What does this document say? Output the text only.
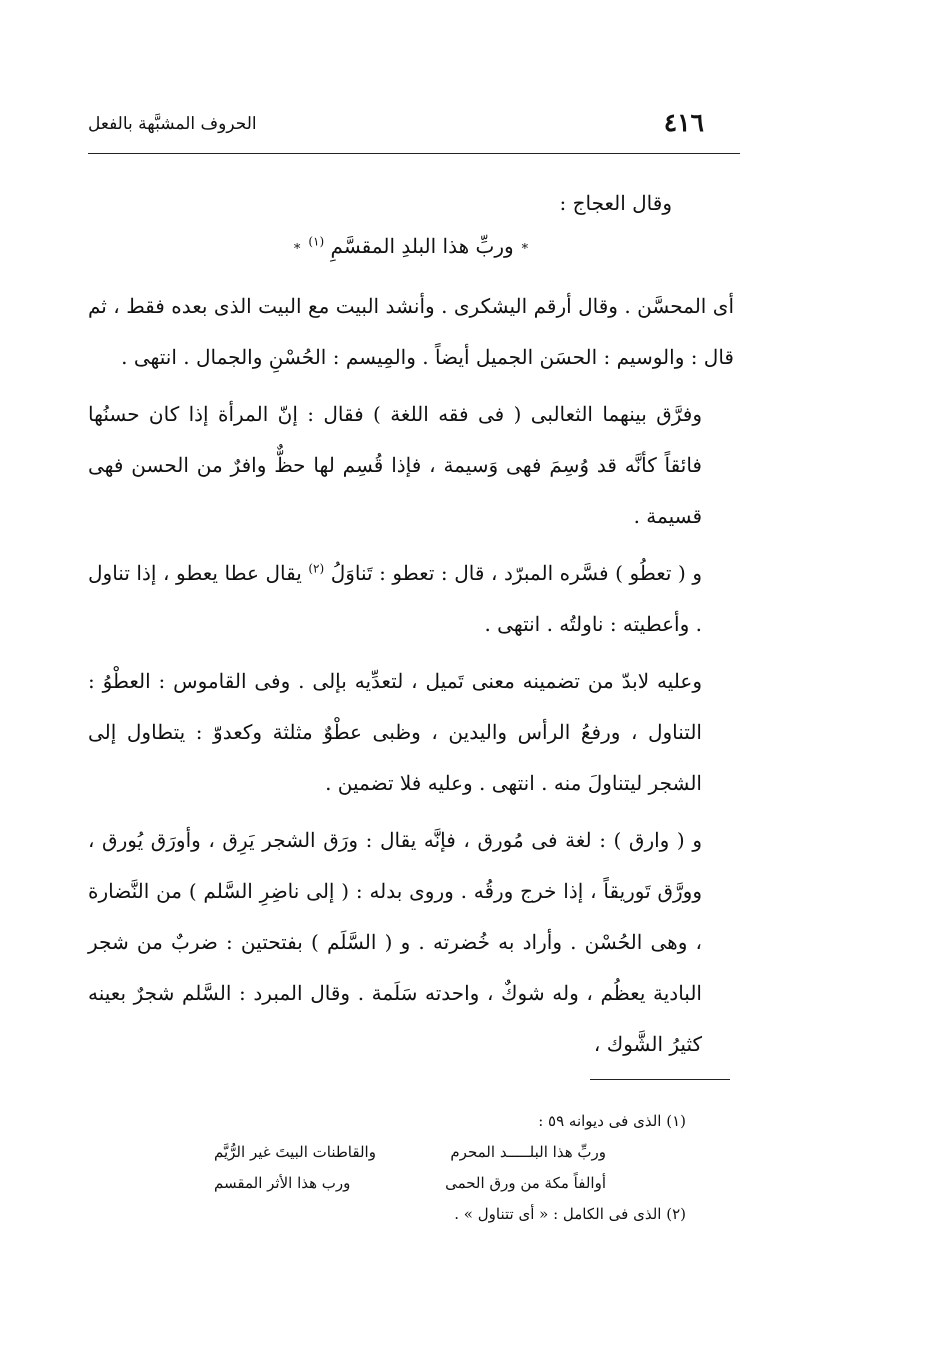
الحروف المشبَّهة بالفعل	٤١٦

وقال العجاج :

*وربِّ هذا البلدِ المقسَّمِ $^{(١)}$*

أى المحسَّن . وقال أرقم اليشكرى . وأنشد البيت مع البيت الذى بعده فقط ، ثم قال : والوسيم : الحسَن الجميل أيضاً . والمِيسم : الحُسْنِ والجمال . انتهى .

وفرَّق بينهما الثعالبى ( فى فقه اللغة ) فقال : إنّ المرأة إذا كان حسنُها فائقاً كأنَّه قد وُسِمَ فهى وَسيمة ، فإذا قُسِم لها حظٌّ وافرٌ من الحسن فهى قسيمة .

و ( تعطُو ) فسَّره المبرّد ، قال : تعطو : تَناوَلُ $^{(٢)}$ يقال عطا يعطو ، إذا تناول . وأعطيته : ناولتُه . انتهى .

وعليه لابدّ من تضمينه معنى تَميل ، لتعدِّيه بإلى . وفى القاموس : العطْوُ : التناول ، ورفعُ الرأس واليدين ، وظبى عطْوٌ مثلثة وكعدوّ : يتطاول إلى الشجر ليتناولَ منه . انتهى . وعليه فلا تضمين .

و ( وارق ) : لغة فى مُورق ، فإنَّه يقال : ورَق الشجر يَرِق ، وأورَق يُورق ، وورَّق تَوريقاً ، إذا خرج ورقُه . وروى بدله : ( إلى ناضِرِ السَّلم ) من النَّضارة ، وهى الحُسْن . وأراد به خُضرته . و ( السَّلَم ) بفتحتين : ضربٌ من شجر البادية يعظُم ، وله شوكٌ ، واحدته سَلَمة . وقال المبرد : السَّلم شجرٌ بعينه كثيرُ الشَّوك ،

(١) الذى فى ديوانه ٥٩ :

وربِّ هذا البلـــــد المحرم
والقاطنات البيتَ غير الرُّيَّم
أوالفاً مكة من ورق الحمى
ورب هذا الأثر المقسم

(٢) الذى فى الكامل : « أى تتناول » .
